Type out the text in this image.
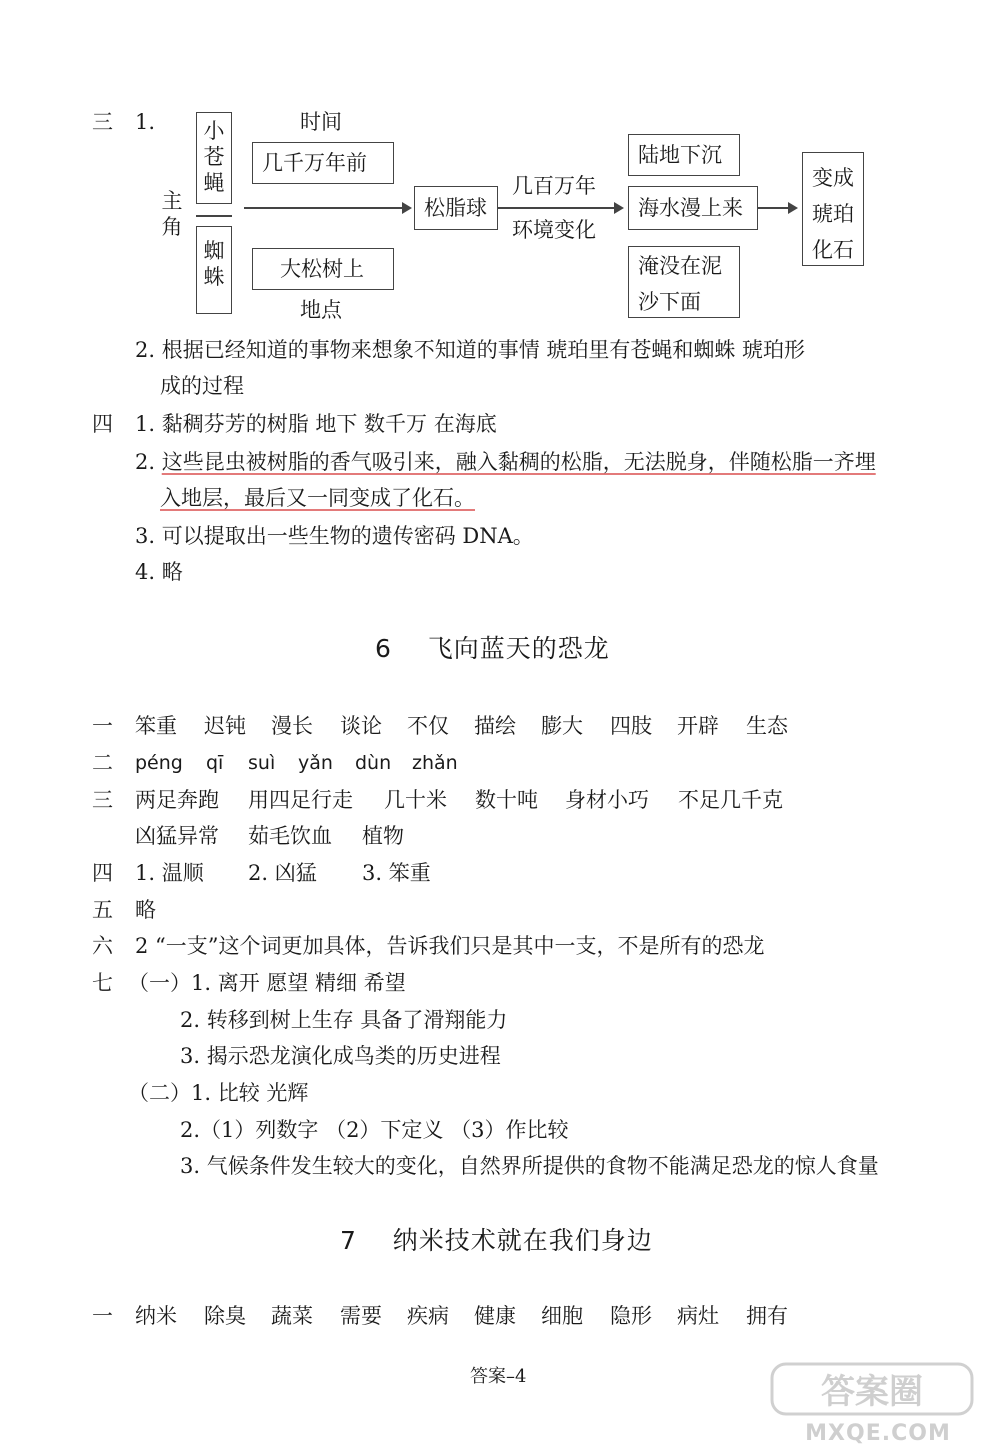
三 1.
主角
小苍蝇
蜘蛛
时间
几千万年前
大松树上
地点
松脂球
几百万年
环境变化
陆地下沉
海水漫上来
淹没在泥
沙下面
变成琥珀化石
2. 根据已经知道的事物来想象不知道的事情 琥珀里有苍蝇和蜘蛛 琥珀形
成的过程
四 1. 黏稠芬芳的树脂 地下 数千万 在海底
2. 这些昆虫被树脂的香气吸引来，融入黏稠的松脂，无法脱身，伴随松脂一齐埋
入地层，最后又一同变成了化石。
3. 可以提取出一些生物的遗传密码 DNA。
4. 略
6 飞向蓝天的恐龙
一 笨重 迟钝 漫长 谈论 不仅 描绘 膨大 四肢 开辟 生态
二 péng qī suì yǎn dùn zhǎn
三 两足奔跑 用四足行走 几十米 数十吨 身材小巧 不足几千克
凶猛异常 茹毛饮血 植物
四 1. 温顺 2. 凶猛 3. 笨重
五 略
六 2 “一支”这个词更加具体，告诉我们只是其中一支，不是所有的恐龙
七 （一）1. 离开 愿望 精细 希望
2. 转移到树上生存 具备了滑翔能力
3. 揭示恐龙演化成鸟类的历史进程
（二）1. 比较 光辉
2.（1）列数字 （2）下定义 （3）作比较
3. 气候条件发生较大的变化，自然界所提供的食物不能满足恐龙的惊人食量
7 纳米技术就在我们身边
一 纳米 除臭 蔬菜 需要 疾病 健康 细胞 隐形 病灶 拥有
答案–4	答案圈
MXQE.COM
